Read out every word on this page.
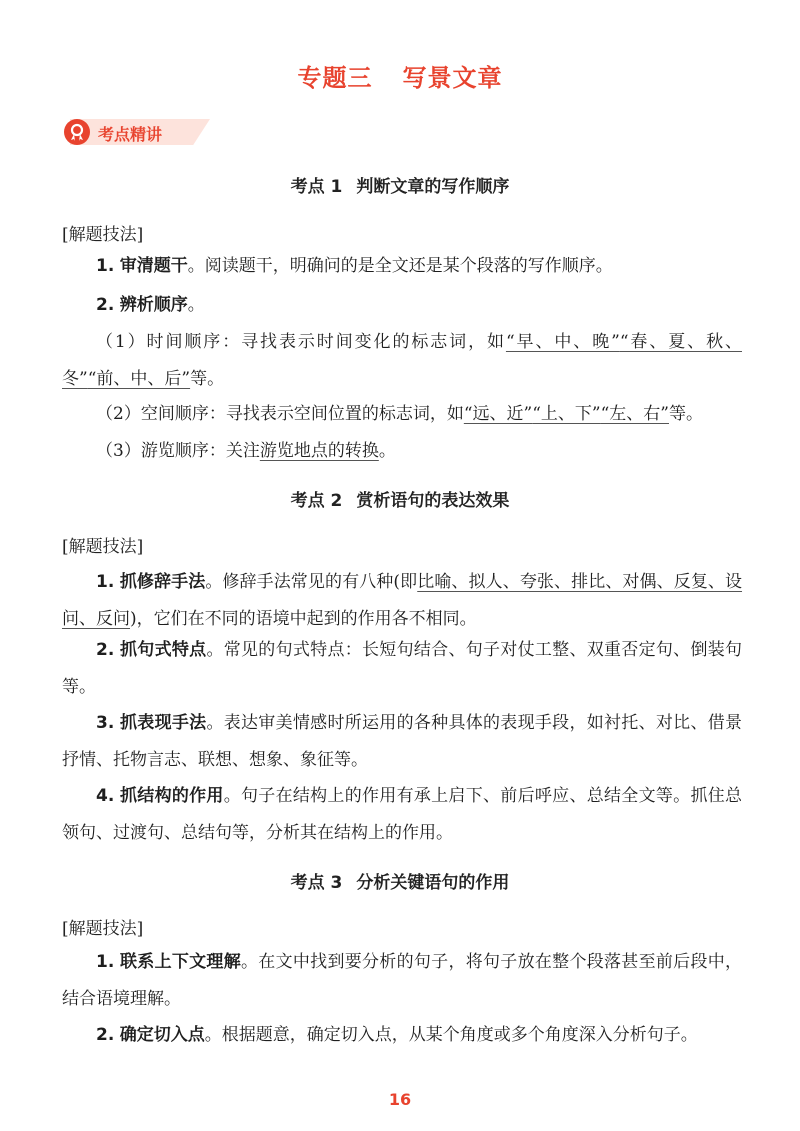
专题三 写景文章
考点精讲
考点 1 判断文章的写作顺序
[解题技法]
1. 审清题干。阅读题干，明确问的是全文还是某个段落的写作顺序。
2. 辨析顺序。
（1）时间顺序：寻找表示时间变化的标志词，如“早、中、晚”“春、夏、秋、冬”“前、中、后”等。
（2）空间顺序：寻找表示空间位置的标志词，如“远、近”“上、下”“左、右”等。
（3）游览顺序：关注游览地点的转换。
考点 2 赏析语句的表达效果
[解题技法]
1. 抓修辞手法。修辞手法常见的有八种(即比喻、拟人、夸张、排比、对偶、反复、设问、反问)，它们在不同的语境中起到的作用各不相同。
2. 抓句式特点。常见的句式特点：长短句结合、句子对仗工整、双重否定句、倒装句等。
3. 抓表现手法。表达审美情感时所运用的各种具体的表现手段，如衬托、对比、借景抒情、托物言志、联想、想象、象征等。
4. 抓结构的作用。句子在结构上的作用有承上启下、前后呼应、总结全文等。抓住总领句、过渡句、总结句等，分析其在结构上的作用。
考点 3 分析关键语句的作用
[解题技法]
1. 联系上下文理解。在文中找到要分析的句子，将句子放在整个段落甚至前后段中，结合语境理解。
2. 确定切入点。根据题意，确定切入点，从某个角度或多个角度深入分析句子。
16
